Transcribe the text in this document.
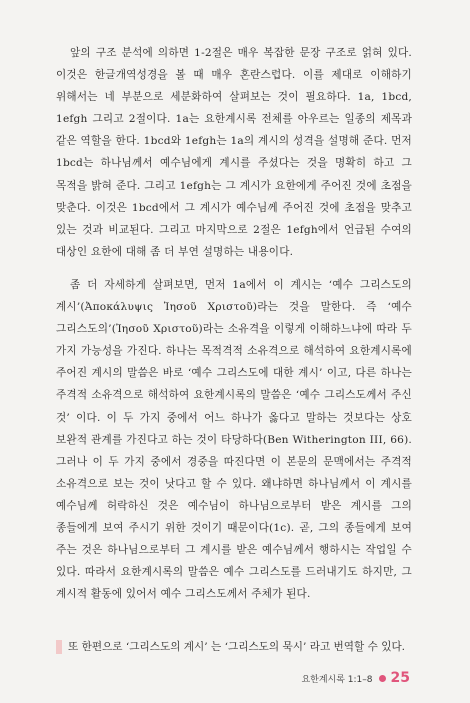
앞의 구조 분석에 의하면 1-2절은 매우 복잡한 문장 구조로 얽혀 있다. 이것은 한글개역성경을 볼 때 매우 혼란스럽다. 이를 제대로 이해하기 위해서는 네 부분으로 세분화하여 살펴보는 것이 필요하다. 1a, 1bcd, 1efgh 그리고 2절이다. 1a는 요한계시록 전체를 아우르는 일종의 제목과 같은 역할을 한다. 1bcd와 1efgh는 1a의 계시의 성격을 설명해 준다. 먼저 1bcd는 하나님께서 예수님에게 계시를 주셨다는 것을 명확히 하고 그 목적을 밝혀 준다. 그리고 1efgh는 그 계시가 요한에게 주어진 것에 초점을 맞춘다. 이것은 1bcd에서 그 계시가 예수님께 주어진 것에 초점을 맞추고 있는 것과 비교된다. 그리고 마지막으로 2절은 1efgh에서 언급된 수여의 대상인 요한에 대해 좀 더 부연 설명하는 내용이다.

좀 더 자세하게 살펴보면, 먼저 1a에서 이 계시는 ‘예수 그리스도의 계시’(Ἀποκάλυψις Ἰησοῦ Χριστοῦ)라는 것을 말한다. 즉 ‘예수 그리스도의’(Ἰησοῦ Χριστοῦ)라는 소유격을 이렇게 이해하느냐에 따라 두 가지 가능성을 가진다. 하나는 목적격적 소유격으로 해석하여 요한계시록에 주어진 계시의 말씀은 바로 ‘예수 그리스도에 대한 계시’ 이고, 다른 하나는 주격적 소유격으로 해석하여 요한계시록의 말씀은 ‘예수 그리스도께서 주신 것’ 이다. 이 두 가지 중에서 어느 하나가 옳다고 말하는 것보다는 상호 보완적 관계를 가진다고 하는 것이 타당하다(Ben Witherington III, 66). 그러나 이 두 가지 중에서 경중을 따진다면 이 본문의 문맥에서는 주격적 소유격으로 보는 것이 낫다고 할 수 있다. 왜냐하면 하나님께서 이 계시를 예수님께 허락하신 것은 예수님이 하나님으로부터 받은 계시를 그의 종들에게 보여 주시기 위한 것이기 때문이다(1c). 곧, 그의 종들에게 보여 주는 것은 하나님으로부터 그 계시를 받은 예수님께서 행하시는 작업일 수 있다. 따라서 요한계시록의 말씀은 예수 그리스도를 드러내기도 하지만, 그 계시적 활동에 있어서 예수 그리스도께서 주체가 된다.

또 한편으로 ‘그리스도의 계시’ 는 ‘그리스도의 묵시’ 라고 번역할 수 있다.
요한계시록 1:1–8 25
